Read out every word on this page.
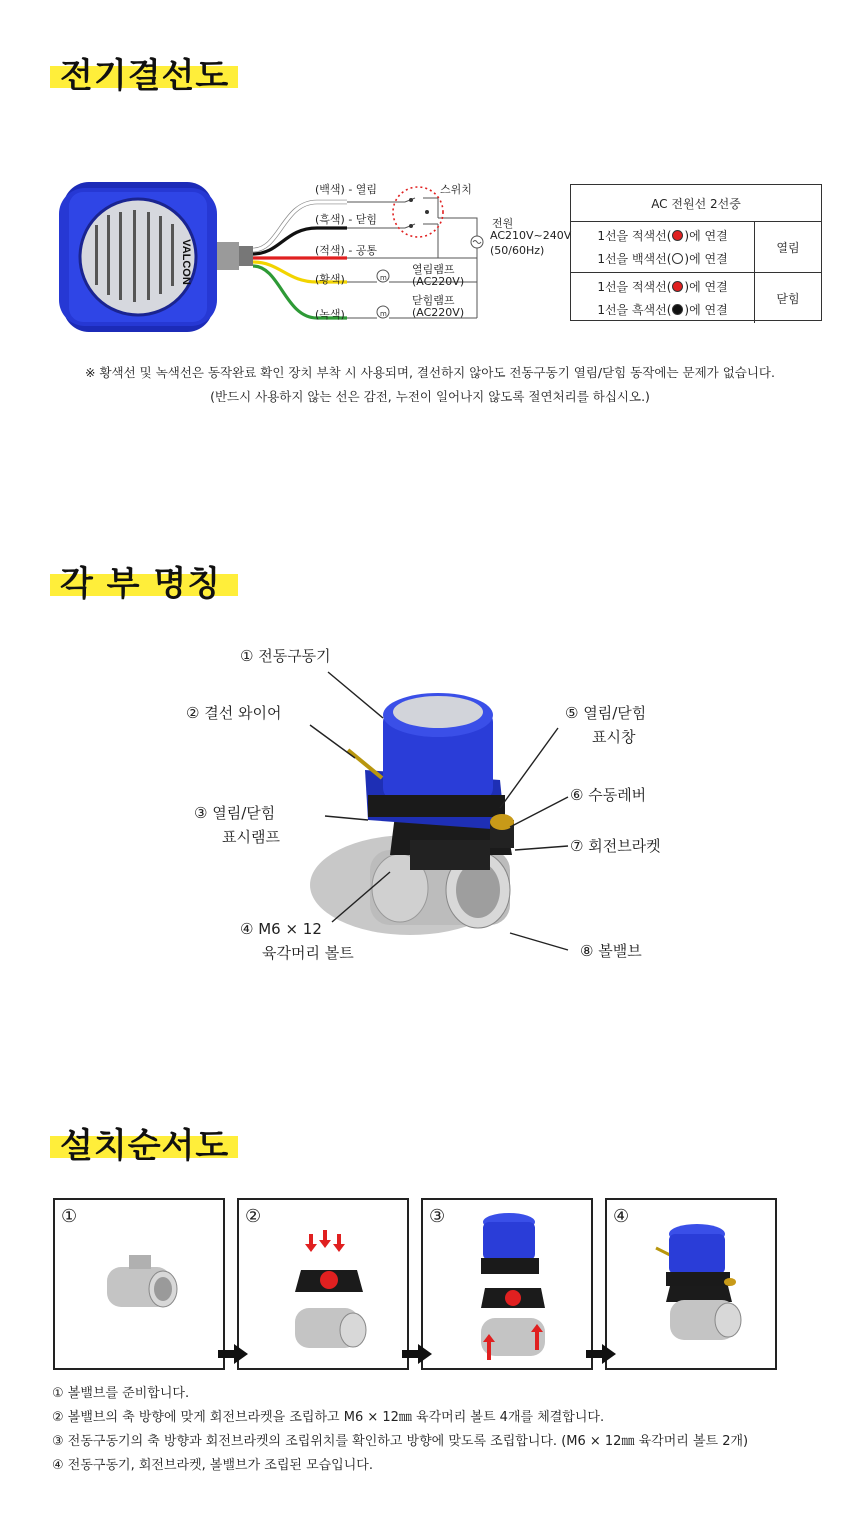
전기결선도
VALCON	m
m
(백색) - 열림
(흑색) - 닫힘
(적색) - 공통
(황색)
(녹색)
스위치
전원
AC210V~240V
(50/60Hz)
열림램프
(AC220V)
닫힘램프
(AC220V)
AC 전원선 2선중
1선을 적색선( )에 연결
1선을 백색선( )에 연결
열림
1선을 적색선( )에 연결
1선을 흑색선( )에 연결
닫힘
※ 황색선 및 녹색선은 동작완료 확인 장치 부착 시 사용되며, 결선하지 않아도 전동구동기 열림/닫힘 동작에는 문제가 없습니다.
(반드시 사용하지 않는 선은 감전, 누전이 일어나지 않도록 절연처리를 하십시오.)
각 부 명칭
① 전동구동기
② 결선 와이어
③ 열림/닫힘
표시램프
④ M6 × 12
육각머리 볼트
⑤ 열림/닫힘
표시창
⑥ 수동레버
⑦ 회전브라켓
⑧ 볼밸브
설치순서도
①	②	③	④
① 볼밸브를 준비합니다.
② 볼밸브의 축 방향에 맞게 회전브라켓을 조립하고 M6 × 12㎜ 육각머리 볼트 4개를 체결합니다.
③ 전동구동기의 축 방향과 회전브라켓의 조립위치를 확인하고 방향에 맞도록 조립합니다. (M6 × 12㎜ 육각머리 볼트 2개)
④ 전동구동기, 회전브라켓, 볼밸브가 조립된 모습입니다.
